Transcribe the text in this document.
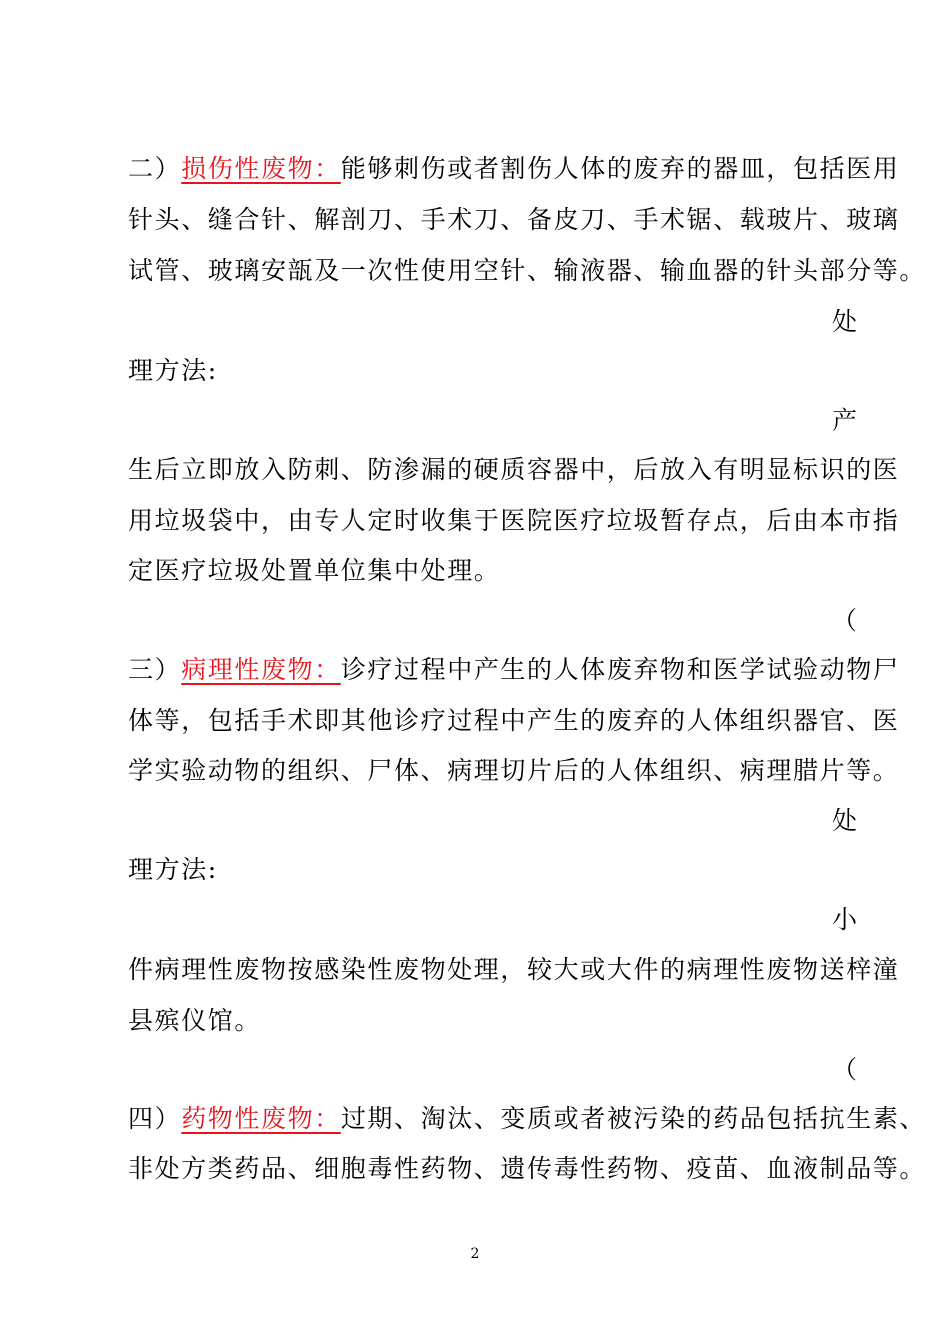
二）损伤性废物：能够刺伤或者割伤人体的废弃的器皿，包括医用
针头、缝合针、解剖刀、手术刀、备皮刀、手术锯、载玻片、玻璃
试管、玻璃安瓿及一次性使用空针、输液器、输血器的针头部分等。
处
理方法:
产
生后立即放入防刺、防渗漏的硬质容器中，后放入有明显标识的医
用垃圾袋中，由专人定时收集于医院医疗垃圾暂存点，后由本市指
定医疗垃圾处置单位集中处理。
（
三）病理性废物：诊疗过程中产生的人体废弃物和医学试验动物尸
体等，包括手术即其他诊疗过程中产生的废弃的人体组织器官、医
学实验动物的组织、尸体、病理切片后的人体组织、病理腊片等。
处
理方法:
小
件病理性废物按感染性废物处理，较大或大件的病理性废物送梓潼
县殡仪馆。
（
四）药物性废物：过期、淘汰、变质或者被污染的药品包括抗生素、
非处方类药品、细胞毒性药物、遗传毒性药物、疫苗、血液制品等。
2
